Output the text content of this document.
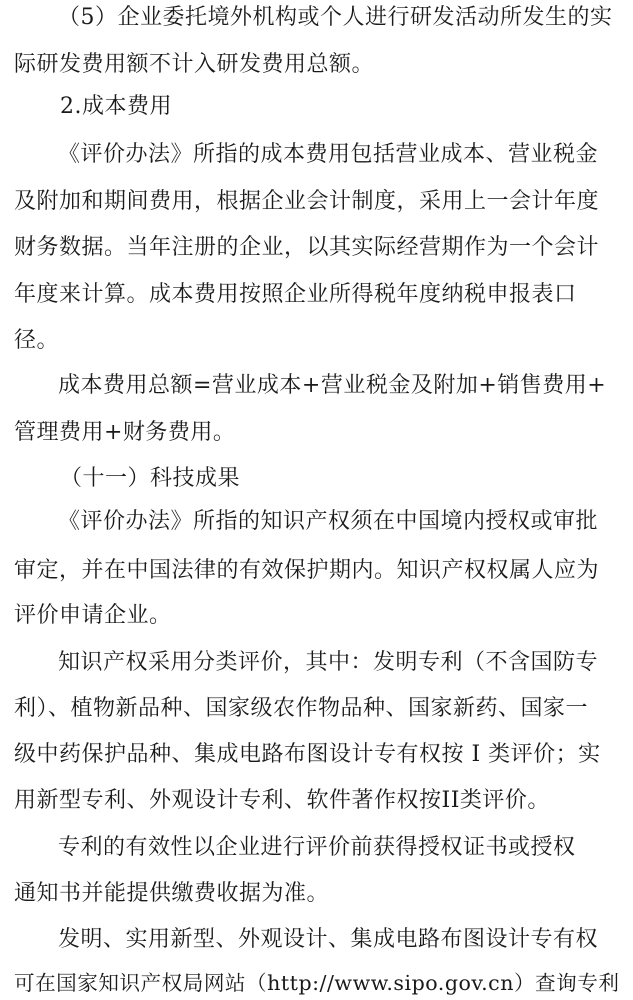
（5）企业委托境外机构或个人进行研发活动所发生的实
际研发费用额不计入研发费用总额。
2.成本费用
《评价办法》所指的成本费用包括营业成本、营业税金
及附加和期间费用，根据企业会计制度，采用上一会计年度
财务数据。当年注册的企业，以其实际经营期作为一个会计
年度来计算。成本费用按照企业所得税年度纳税申报表口
径。
成本费用总额=营业成本+营业税金及附加+销售费用+
管理费用+财务费用。
（十一）科技成果
《评价办法》所指的知识产权须在中国境内授权或审批
审定，并在中国法律的有效保护期内。知识产权权属人应为
评价申请企业。
知识产权采用分类评价，其中：发明专利（不含国防专
利）、植物新品种、国家级农作物品种、国家新药、国家一
级中药保护品种、集成电路布图设计专有权按 I 类评价；实
用新型专利、外观设计专利、软件著作权按II类评价。
专利的有效性以企业进行评价前获得授权证书或授权
通知书并能提供缴费收据为准。
发明、实用新型、外观设计、集成电路布图设计专有权
可在国家知识产权局网站（http://www.sipo.gov.cn）查询专利
